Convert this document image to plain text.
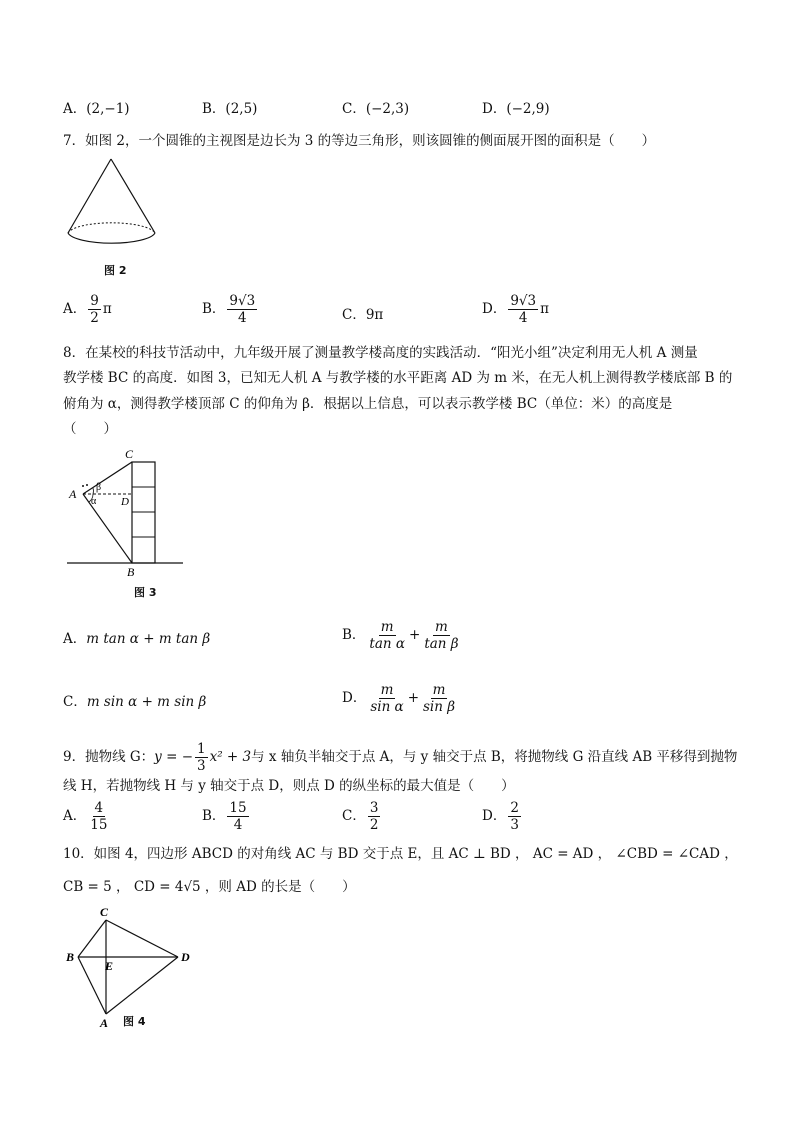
A．(2,−1)	B．(2,5)	C．(−2,3)	D．(−2,9)
7．如图 2，一个圆锥的主视图是边长为 3 的等边三角形，则该圆锥的侧面展开图的面积是（　　）
图 2
A． $\frac{9}{2}$ π	B． $\frac{9√3}{4}$	C．9π	D． $\frac{9√3}{4}$ π
8．在某校的科技节活动中，九年级开展了测量教学楼高度的实践活动．“阳光小组”决定利用无人机 A 测量
教学楼 BC 的高度．如图 3，已知无人机 A 与教学楼的水平距离 AD 为 m 米，在无人机上测得教学楼底部 B 的
俯角为 α，测得教学楼顶部 C 的仰角为 β．根据以上信息，可以表示教学楼 BC（单位：米）的高度是
（　　）
C
A
D
B
β
α
图 3
A．m tan α + m tan β	B． $\frac{m}{\text{tan α}} + \frac{m}{\text{tan β}}$
C．m sin α + m sin β	D． $\frac{m}{\text{sin α}} + \frac{m}{\text{sin β}}$
9．抛物线 G：y = − $\frac{1}{3} x^2 + 3$与 x 轴负半轴交于点 A，与 y 轴交于点 B，将抛物线 G 沿直线 AB 平移得到抛物
线 H，若抛物线 H 与 y 轴交于点 D，则点 D 的纵坐标的最大值是（　　）
A． $\frac{4}{15}$	B． $\frac{15}{4}$	C． $\frac{3}{2}$	D． $\frac{2}{3}$
10．如图 4，四边形 ABCD 的对角线 AC 与 BD 交于点 E，且 AC ⊥ BD ， AC = AD ， ∠CBD = ∠CAD ，
CB = 5 ， CD = 4√5 ，则 AD 的长是（　　）
C
B
E
D
A 图 4
